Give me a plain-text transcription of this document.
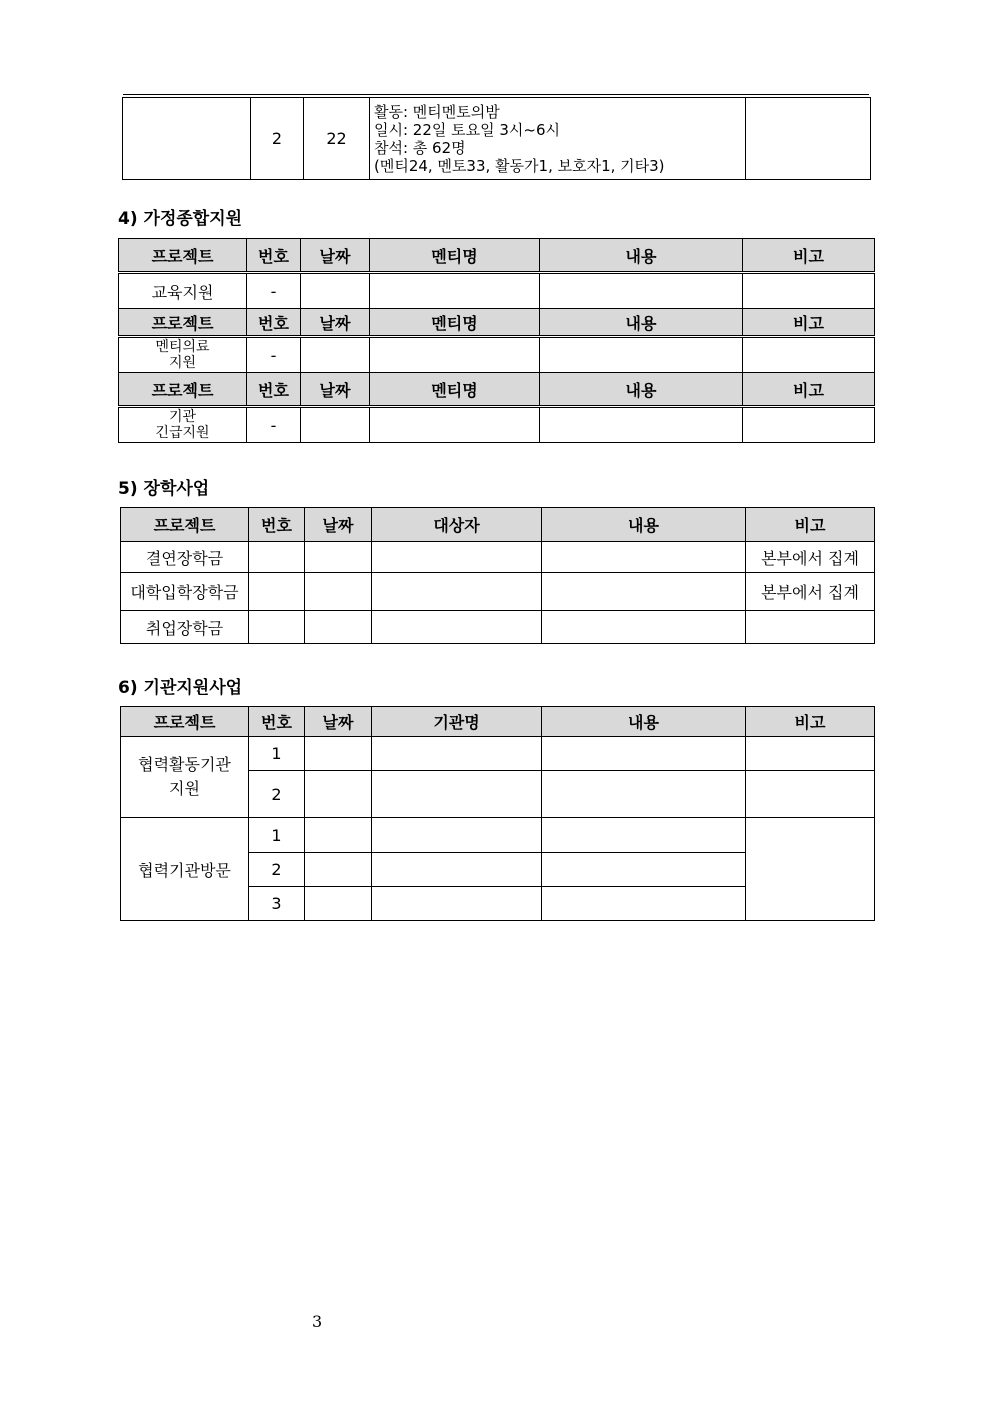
	2	22	
활동: 멘티멘토의밤
일시: 22일 토요일 3시~6시
참석: 총 62명
(멘티24, 멘토33, 활동가1, 보호자1, 기타3)

4) 가정종합지원

프로젝트	번호	날짜	멘티명	내용	비고
교육지원	-				
프로젝트	번호	날짜	멘티명	내용	비고
멘티의료
지원	-				
프로젝트	번호	날짜	멘티명	내용	비고
기관
긴급지원	-				

5) 장학사업

프로젝트	번호	날짜	대상자	내용	비고
결연장학금					본부에서 집계
대학입학장학금					본부에서 집계
취업장학금					

6) 기관지원사업

프로젝트	번호	날짜	기관명	내용	비고
협력활동기관
지원	1				
	2				
협력기관방문	1				
	2				
	3				
3
